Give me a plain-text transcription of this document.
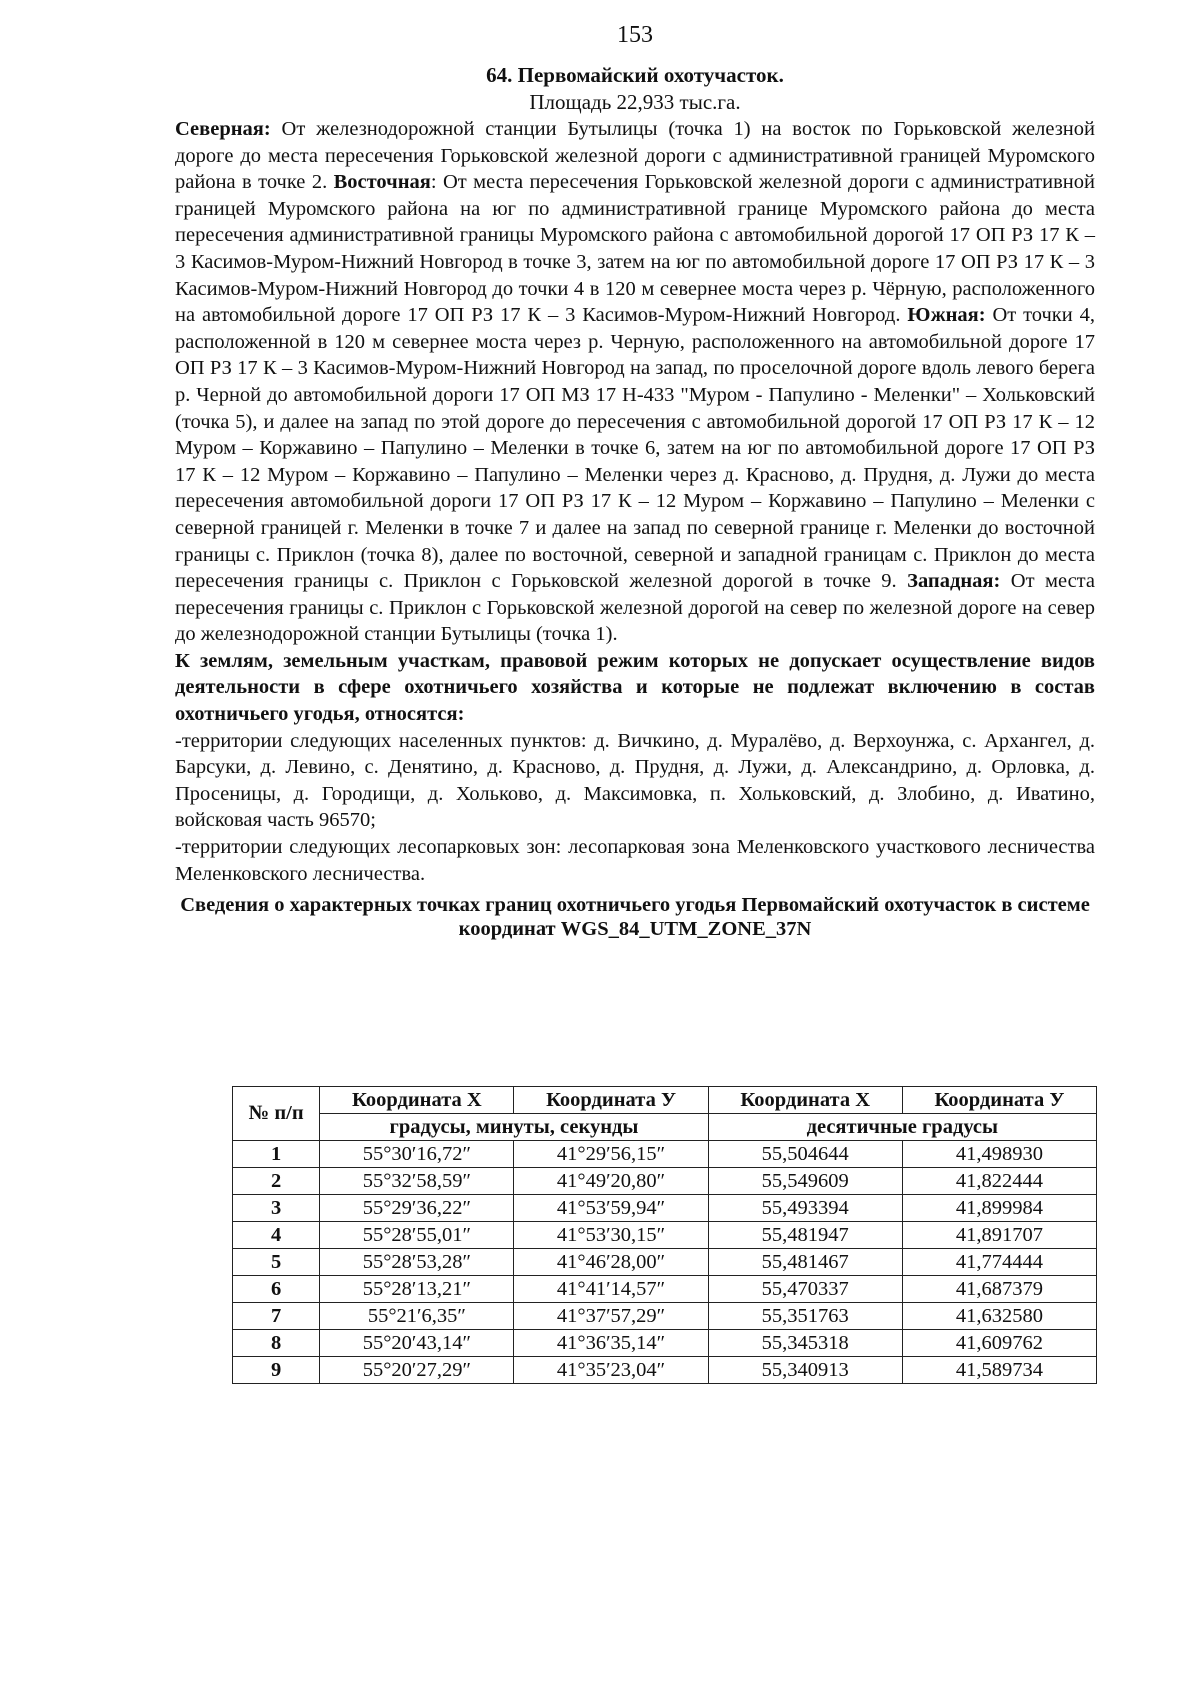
153
64. Первомайский охотучасток.
Площадь 22,933 тыс.га.

Северная: От железнодорожной станции Бутылицы (точка 1) на восток по Горьковской железной дороге до места пересечения Горьковской железной дороги с административной границей Муромского района в точке 2. Восточная: От места пересечения Горьковской железной дороги с административной границей Муромского района на юг по административной границе Муромского района до места пересечения административной границы Муромского района с автомобильной дорогой 17 ОП РЗ 17 К – 3 Касимов-Муром-Нижний Новгород в точке 3, затем на юг по автомобильной дороге 17 ОП РЗ 17 К – 3 Касимов-Муром-Нижний Новгород до точки 4 в 120 м севернее моста через р. Чёрную, расположенного на автомобильной дороге 17 ОП РЗ 17 К – 3 Касимов-Муром-Нижний Новгород. Южная: От точки 4, расположенной в 120 м севернее моста через р. Черную, расположенного на автомобильной дороге 17 ОП РЗ 17 К – 3 Касимов-Муром-Нижний Новгород на запад, по проселочной дороге вдоль левого берега р. Черной до автомобильной дороги 17 ОП МЗ 17 Н-433 "Муром - Папулино - Меленки" – Хольковский (точка 5), и далее на запад по этой дороге до пересечения с автомобильной дорогой 17 ОП РЗ 17 К – 12 Муром – Коржавино – Папулино – Меленки в точке 6, затем на юг по автомобильной дороге 17 ОП РЗ 17 К – 12 Муром – Коржавино – Папулино – Меленки через д. Красново, д. Прудня, д. Лужи до места пересечения автомобильной дороги 17 ОП РЗ 17 К – 12 Муром – Коржавино – Папулино – Меленки с северной границей г. Меленки в точке 7 и далее на запад по северной границе г. Меленки до восточной границы с. Приклон (точка 8), далее по восточной, северной и западной границам с. Приклон до места пересечения границы с. Приклон с Горьковской железной дорогой в точке 9. Западная: От места пересечения границы с. Приклон с Горьковской железной дорогой на север по железной дороге на север до железнодорожной станции Бутылицы (точка 1).

К землям, земельным участкам, правовой режим которых не допускает осуществление видов деятельности в сфере охотничьего хозяйства и которые не подлежат включению в состав охотничьего угодья, относятся:

-территории следующих населенных пунктов: д. Вичкино, д. Муралёво, д. Верхоунжа, с. Архангел, д. Барсуки, д. Левино, с. Денятино, д. Красново, д. Прудня, д. Лужи, д. Александрино, д. Орловка, д. Просеницы, д. Городищи, д. Хольково, д. Максимовка, п. Хольковский, д. Злобино, д. Иватино, войсковая часть 96570;

-территории следующих лесопарковых зон: лесопарковая зона Меленковского участкового лесничества Меленковского лесничества.

Сведения о характерных точках границ охотничьего угодья Первомайский охотучасток в системе координат WGS_84_UTM_ZONE_37N
№ п/п	Координата X	Координата У	Координата X	Координата У
	градусы, минуты, секунды		десятичные градусы	
1	55°30′16,72″	41°29′56,15″	55,504644	41,498930
2	55°32′58,59″	41°49′20,80″	55,549609	41,822444
3	55°29′36,22″	41°53′59,94″	55,493394	41,899984
4	55°28′55,01″	41°53′30,15″	55,481947	41,891707
5	55°28′53,28″	41°46′28,00″	55,481467	41,774444
6	55°28′13,21″	41°41′14,57″	55,470337	41,687379
7	55°21′6,35″	41°37′57,29″	55,351763	41,632580
8	55°20′43,14″	41°36′35,14″	55,345318	41,609762
9	55°20′27,29″	41°35′23,04″	55,340913	41,589734
